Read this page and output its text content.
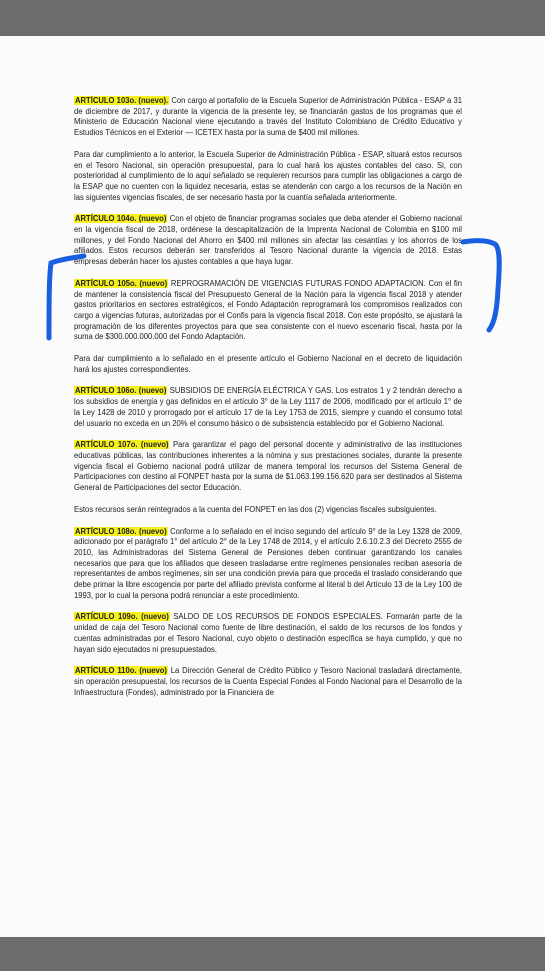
ARTÍCULO 103o. (nuevo). Con cargo al portafolio de la Escuela Superior de Administración Pública - ESAP a 31 de diciembre de 2017, y durante la vigencia de la presente ley, se financiarán gastos de los programas que el Ministerio de Educación Nacional viene ejecutando a través del Instituto Colombiano de Crédito Educativo y Estudios Técnicos en el Exterior — ICETEX hasta por la suma de $400 mil millones.

Para dar cumplimiento a lo anterior, la Escuela Superior de Administración Pública - ESAP, situará estos recursos en el Tesoro Nacional, sin operación presupuestal, para lo cual hará los ajustes contables del caso. Si, con posterioridad al cumplimiento de lo aquí señalado se requieren recursos para cumplir las obligaciones a cargo de la ESAP que no cuenten con la liquidez necesaria, estas se atenderán con cargo a los recursos de la Nación en las siguientes vigencias fiscales, de ser necesario hasta por la cuantía señalada anteriormente.

ARTÍCULO 104o. (nuevo) Con el objeto de financiar programas sociales que deba atender el Gobierno nacional en la vigencia fiscal de 2018, ordénese la descapitalización de la Imprenta Nacional de Colombia en $100 mil millones, y del Fondo Nacional del Ahorro en $400 mil millones sin afectar las cesantías y los ahorros de los afiliados. Estos recursos deberán ser transferidos al Tesoro Nacional durante la vigencia de 2018. Estas empresas deberán hacer los ajustes contables a que haya lugar.

ARTÍCULO 105o. (nuevo) REPROGRAMACIÓN DE VIGENCIAS FUTURAS FONDO ADAPTACION. Con el fin de mantener la consistencia fiscal del Presupuesto General de la Nación para la vigencia fiscal 2018 y atender gastos prioritarios en sectores estratégicos, el Fondo Adaptación reprogramará los compromisos realizados con cargo a vigencias futuras, autorizadas por el Confis para la vigencia fiscal 2018. Con este propósito, se ajustará la programación de los diferentes proyectos para que sea consistente con el nuevo escenario fiscal, hasta por la suma de $300.000.000.000 del Fondo Adaptación.

Para dar cumplimiento a lo señalado en el presente artículo el Gobierno Nacional en el decreto de liquidación hará los ajustes correspondientes.

ARTÍCULO 106o. (nuevo) SUBSIDIOS DE ENERGÍA ELÉCTRICA Y GAS. Los estratos 1 y 2 tendrán derecho a los subsidios de energía y gas definidos en el artículo 3° de la Ley 1117 de 2006, modificado por el artículo 1° de la Ley 1428 de 2010 y prorrogado por el artículo 17 de la Ley 1753 de 2015, siempre y cuando el consumo total del usuario no exceda en un 20% el consumo básico o de subsistencia establecido por el Gobierno Nacional.

ARTÍCULO 107o. (nuevo) Para garantizar el pago del personal docente y administrativo de las instituciones educativas públicas, las contribuciones inherentes a la nómina y sus prestaciones sociales, durante la presente vigencia fiscal el Gobierno nacional podrá utilizar de manera temporal los recursos del Sistema General de Participaciones con destino al FONPET hasta por la suma de $1.063.199.156.620 para ser destinados al Sistema General de Participaciones del sector Educación.

Estos recursos serán reintegrados a la cuenta del FONPET en las dos (2) vigencias fiscales subsiguientes.

ARTÍCULO 108o. (nuevo) Conforme a lo señalado en el inciso segundo del artículo 9° de la Ley 1328 de 2009, adicionado por el parágrafo 1° del artículo 2° de la Ley 1748 de 2014, y el artículo 2.6.10.2.3 del Decreto 2555 de 2010, las Administradoras del Sistema General de Pensiones deben continuar garantizando los canales necesarios que para que los afiliados que deseen trasladarse entre regímenes pensionales reciban asesoría de representantes de ambos regímenes, sin ser una condición previa para que proceda el traslado considerando que debe primar la libre escogencia por parte del afiliado prevista conforme al literal b del Artículo 13 de la Ley 100 de 1993, por lo cual la persona podrá renunciar a este procedimiento.

ARTÍCULO 109o. (nuevo) SALDO DE LOS RECURSOS DE FONDOS ESPECIALES. Formarán parte de la unidad de caja del Tesoro Nacional como fuente de libre destinación, el saldo de los recursos de los fondos y cuentas administradas por el Tesoro Nacional, cuyo objeto o destinación específica se haya cumplido, y que no hayan sido ejecutados ni presupuestados.

ARTÍCULO 110o. (nuevo) La Dirección General de Crédito Público y Tesoro Nacional trasladará directamente, sin operación presupuestal, los recursos de la Cuenta Especial Fondes al Fondo Nacional para el Desarrollo de la Infraestructura (Fondes), administrado por la Financiera de
